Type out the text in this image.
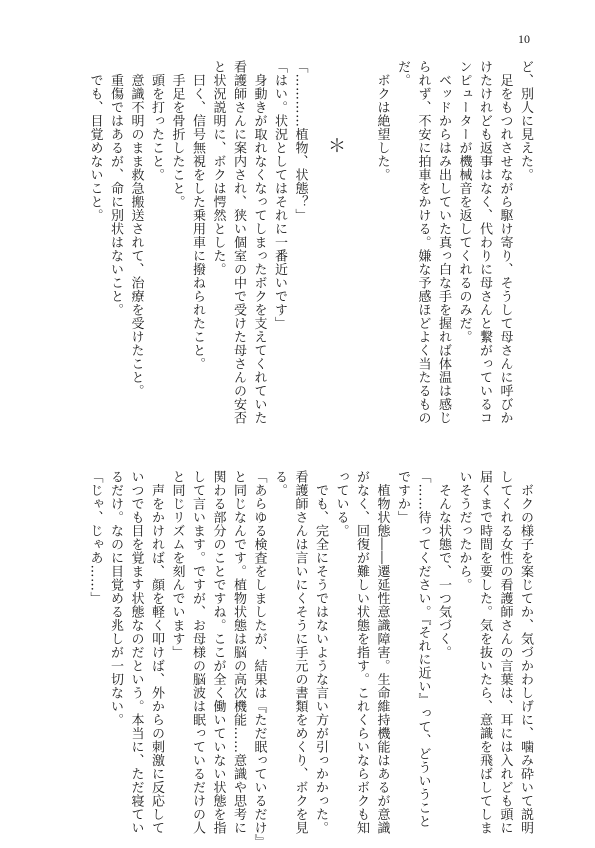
10
ど、別人に見えた。
　足をもつれさせながら駆け寄り、そうして母さんに呼びか
けたけれども返事はなく、代わりに母さんと繋がっているコ
ンピューターが機械音を返してくれるのみだ。
　ベッドからはみ出していた真っ白な手を握れば体温は感じ
られず、不安に拍車をかける。嫌な予感ほどよく当たるもの
だ。
　ボクは絶望した。

「…………植物、状態？」
「はい。状況としてはそれに一番近いです」
　身動きが取れなくなってしまったボクを支えてくれていた
看護師さんに案内され、狭い個室の中で受けた母さんの安否
と状況説明に、ボクは愕然とした。
　曰く、信号無視をした乗用車に撥ねられたこと。
　手足を骨折したこと。
　頭を打ったこと。
　意識不明のまま救急搬送されて、治療を受けたこと。
　重傷ではあるが、命に別状はないこと。
　でも、目覚めないこと。	＊
　ボクの様子を案じてか、気づかわしげに、噛み砕いて説明
してくれる女性の看護師さんの言葉は、耳には入れども頭に
届くまで時間を要した。気を抜いたら、意識を飛ばしてしま
いそうだったから。
　そんな状態で、一つ気づく。
「……待ってください。『それに近い』って、どういうこと
ですか」
　植物状態――遷延性意識障害。生命維持機能はあるが意識
がなく、回復が難しい状態を指す。これくらいならボクも知
っている。
　でも、完全にそうではないような言い方が引っかかった。
看護師さんは言いにくそうに手元の書類をめくり、ボクを見
る。
「あらゆる検査をしましたが、結果は『ただ眠っているだけ』
と同じなんです。植物状態は脳の高次機能……意識や思考に
関わる部分のことですね。ここが全く働いていない状態を指
して言います。ですが、お母様の脳波は眠っているだけの人
と同じリズムを刻んでいます」
　声をかければ、顔を軽く叩けば、外からの刺激に反応して
いつでも目を覚ます状態なのだという。本当に、ただ寝てい
るだけ。なのに目覚める兆しが一切ない。
「じゃ、じゃあ……」
